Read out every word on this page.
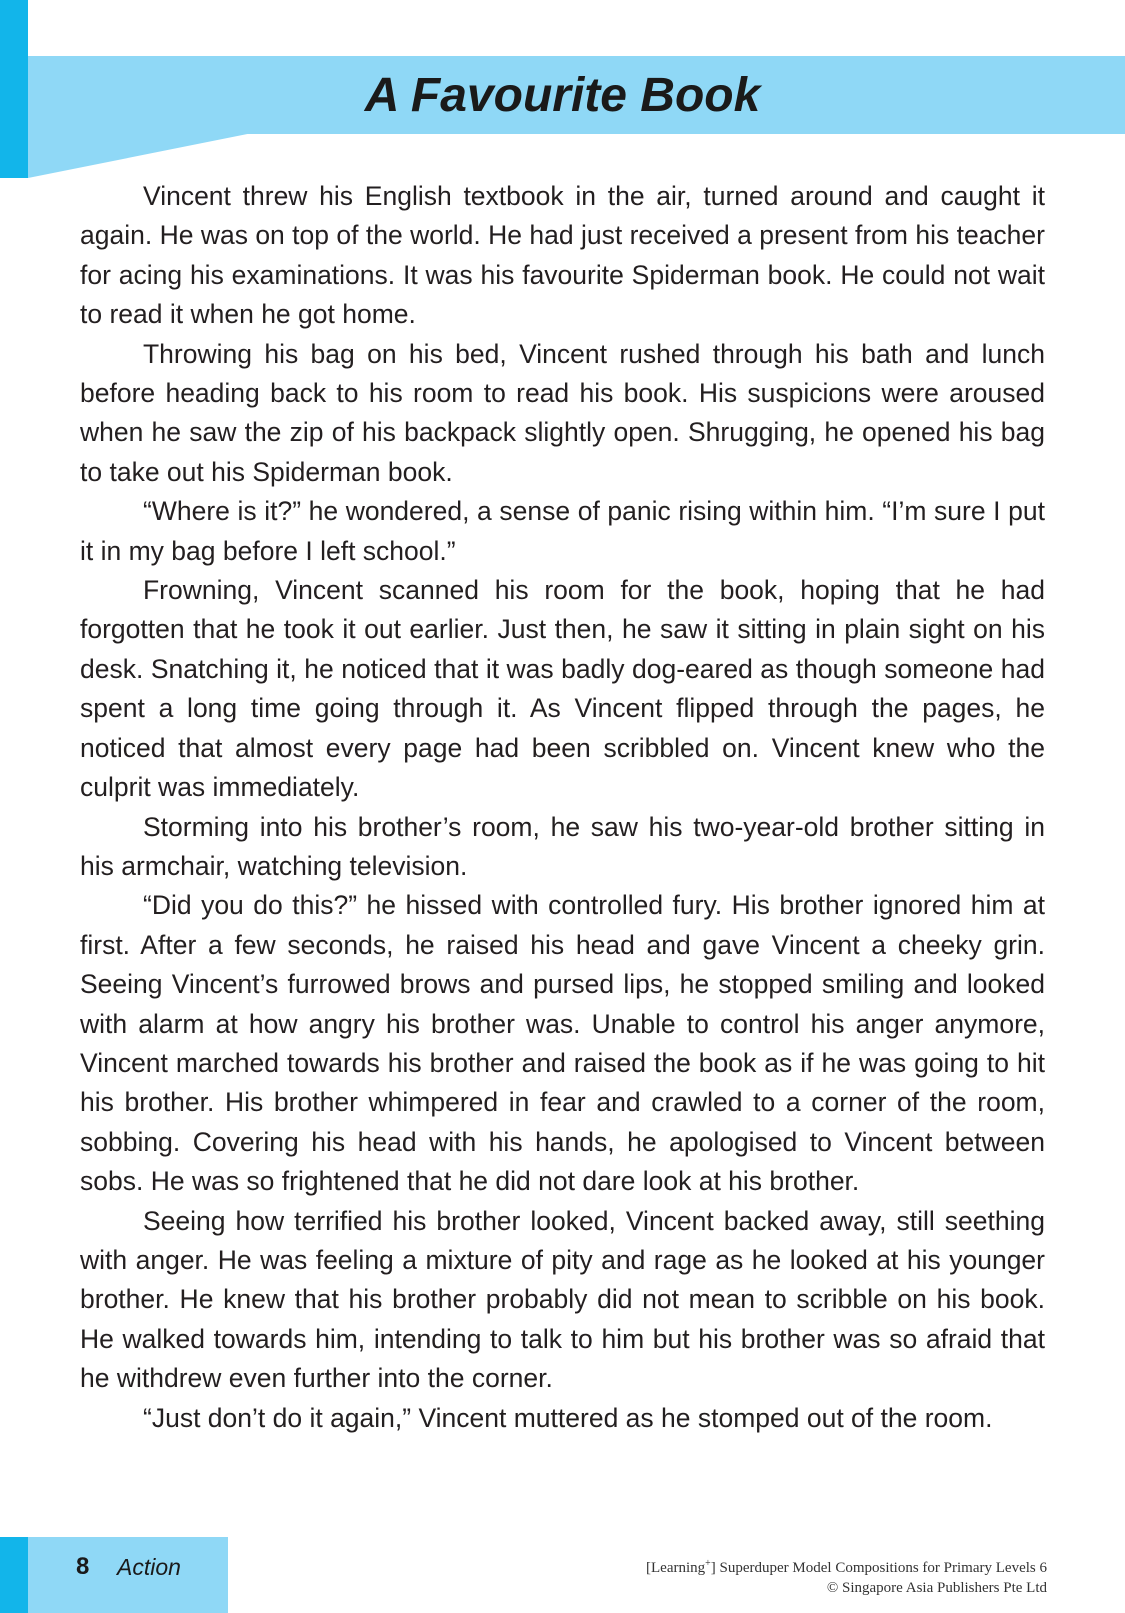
A Favourite Book

Vincent threw his English textbook in the air, turned around and caught it again. He was on top of the world. He had just received a present from his teacher for acing his examinations. It was his favourite Spiderman book. He could not wait to read it when he got home.

Throwing his bag on his bed, Vincent rushed through his bath and lunch before heading back to his room to read his book. His suspicions were aroused when he saw the zip of his backpack slightly open. Shrugging, he opened his bag to take out his Spiderman book.

“Where is it?” he wondered, a sense of panic rising within him. “I’m sure I put it in my bag before I left school.”

Frowning, Vincent scanned his room for the book, hoping that he had forgotten that he took it out earlier. Just then, he saw it sitting in plain sight on his desk. Snatching it, he noticed that it was badly dog-eared as though someone had spent a long time going through it. As Vincent flipped through the pages, he noticed that almost every page had been scribbled on. Vincent knew who the culprit was immediately.

Storming into his brother’s room, he saw his two-year-old brother sitting in his armchair, watching television.

“Did you do this?” he hissed with controlled fury. His brother ignored him at first. After a few seconds, he raised his head and gave Vincent a cheeky grin. Seeing Vincent’s furrowed brows and pursed lips, he stopped smiling and looked with alarm at how angry his brother was. Unable to control his anger anymore, Vincent marched towards his brother and raised the book as if he was going to hit his brother. His brother whimpered in fear and crawled to a corner of the room, sobbing. Covering his head with his hands, he apologised to Vincent between sobs. He was so frightened that he did not dare look at his brother.

Seeing how terrified his brother looked, Vincent backed away, still seething with anger. He was feeling a mixture of pity and rage as he looked at his younger brother. He knew that his brother probably did not mean to scribble on his book. He walked towards him, intending to talk to him but his brother was so afraid that he withdrew even further into the corner.

“Just don’t do it again,” Vincent muttered as he stomped out of the room.

8 Action	[Learning+] Superduper Model Compositions for Primary Levels 6
© Singapore Asia Publishers Pte Ltd
